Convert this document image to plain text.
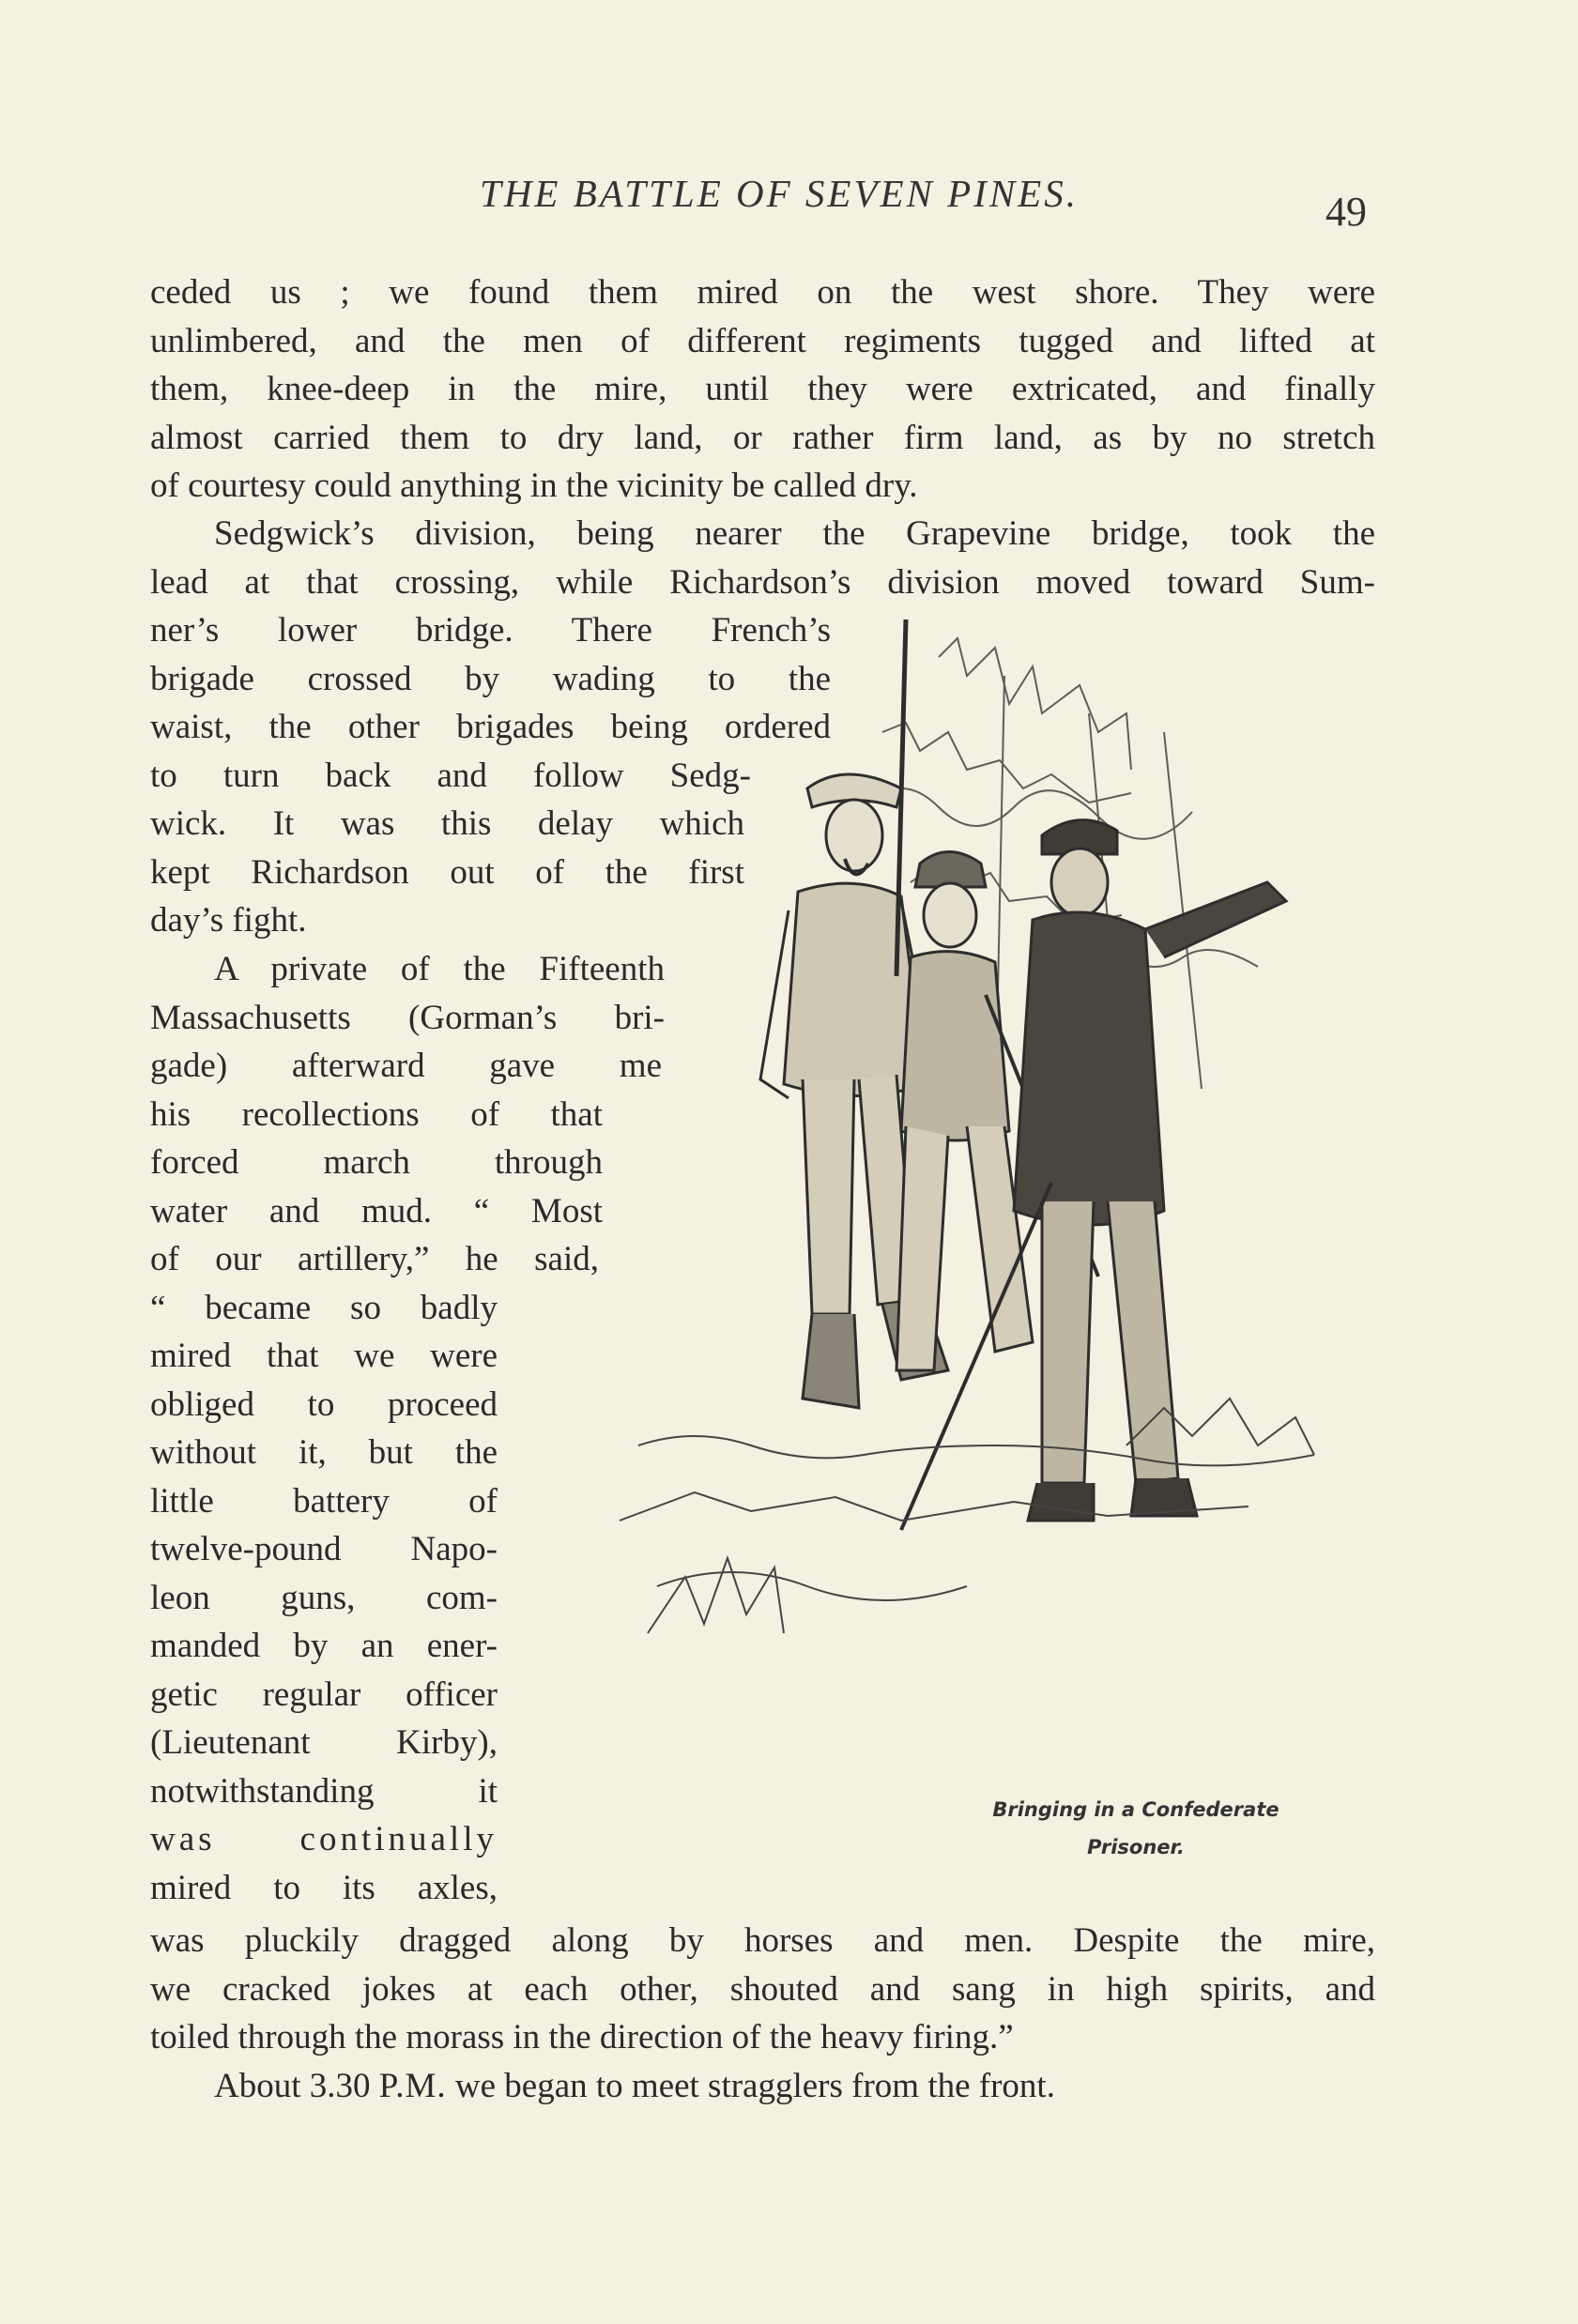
THE BATTLE OF SEVEN PINES.	49
ceded us ; we found them mired on the west shore. They were
unlimbered, and the men of different regiments tugged and lifted at
them, knee-deep in the mire, until they were extricated, and finally
almost carried them to dry land, or rather firm land, as by no stretch
of courtesy could anything in the vicinity be called dry.
Sedgwick’s division, being nearer the Grapevine bridge, took the
lead at that crossing, while Richardson’s division moved toward Sum-
ner’s lower bridge. There French’s
brigade crossed by wading to the
waist, the other brigades being ordered
to turn back and follow Sedg-
wick. It was this delay which
kept Richardson out of the first
day’s fight.
A private of the Fifteenth
Massachusetts (Gorman’s bri-
gade) afterward gave me
his recollections of that
forced march through
water and mud. “ Most
of our artillery,” he said,
“ became so badly
mired that we were
obliged to proceed
without it, but the
little battery of
twelve-pound Napo-
leon guns, com-
manded by an ener-
getic regular officer
(Lieutenant Kirby),
notwithstanding it
was continually
mired to its axles,
was pluckily dragged along by horses and men. Despite the mire,
we cracked jokes at each other, shouted and sang in high spirits, and
toiled through the morass in the direction of the heavy firing.”
About 3.30 P.M. we began to meet stragglers from the front.
Bringing in a Confederate
Prisoner.
